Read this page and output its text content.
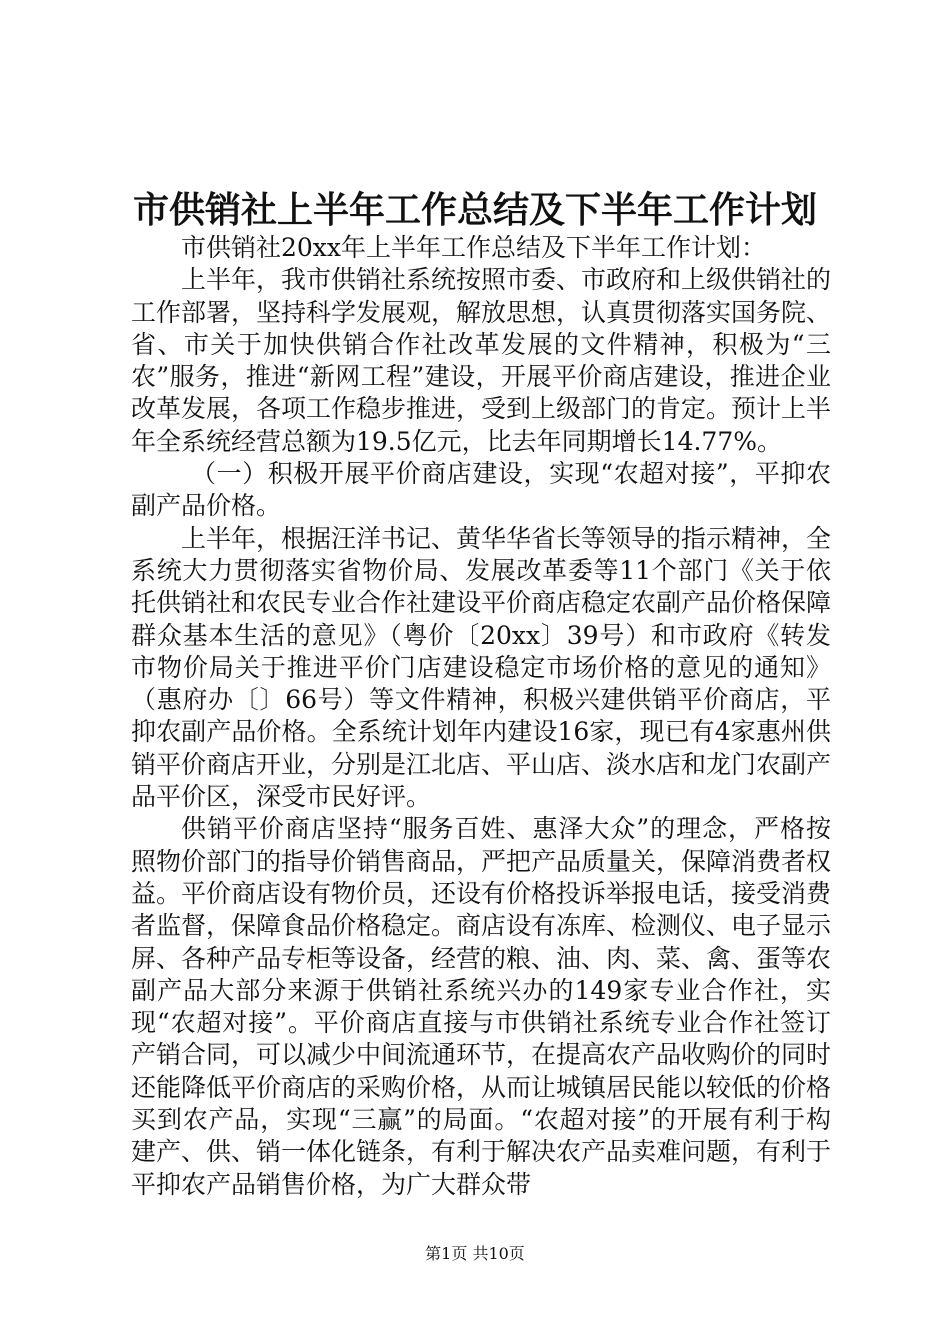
市供销社上半年工作总结及下半年工作计划

市供销社20xx年上半年工作总结及下半年工作计划：

上半年，我市供销社系统按照市委、市政府和上级供销社的工作部署，坚持科学发展观，解放思想，认真贯彻落实国务院、省、市关于加快供销合作社改革发展的文件精神，积极为“三农”服务，推进“新网工程”建设，开展平价商店建设，推进企业改革发展，各项工作稳步推进，受到上级部门的肯定。预计上半年全系统经营总额为19.5亿元，比去年同期增长14.77%。

（一）积极开展平价商店建设，实现“农超对接”，平抑农副产品价格。

上半年，根据汪洋书记、黄华华省长等领导的指示精神，全系统大力贯彻落实省物价局、发展改革委等11个部门《关于依托供销社和农民专业合作社建设平价商店稳定农副产品价格保障群众基本生活的意见》（粤价〔20xx〕39号）和市政府《转发市物价局关于推进平价门店建设稳定市场价格的意见的通知》（惠府办〔〕66号）等文件精神，积极兴建供销平价商店，平抑农副产品价格。全系统计划年内建设16家，现已有4家惠州供销平价商店开业，分别是江北店、平山店、淡水店和龙门农副产品平价区，深受市民好评。

供销平价商店坚持“服务百姓、惠泽大众”的理念，严格按照物价部门的指导价销售商品，严把产品质量关，保障消费者权益。平价商店设有物价员，还设有价格投诉举报电话，接受消费者监督，保障食品价格稳定。商店设有冻库、检测仪、电子显示屏、各种产品专柜等设备，经营的粮、油、肉、菜、禽、蛋等农副产品大部分来源于供销社系统兴办的149家专业合作社，实现“农超对接”。平价商店直接与市供销社系统专业合作社签订产销合同，可以减少中间流通环节，在提高农产品收购价的同时还能降低平价商店的采购价格，从而让城镇居民能以较低的价格买到农产品，实现“三赢”的局面。“农超对接”的开展有利于构建产、供、销一体化链条，有利于解决农产品卖难问题，有利于平抑农产品销售价格，为广大群众带

第1页 共10页
